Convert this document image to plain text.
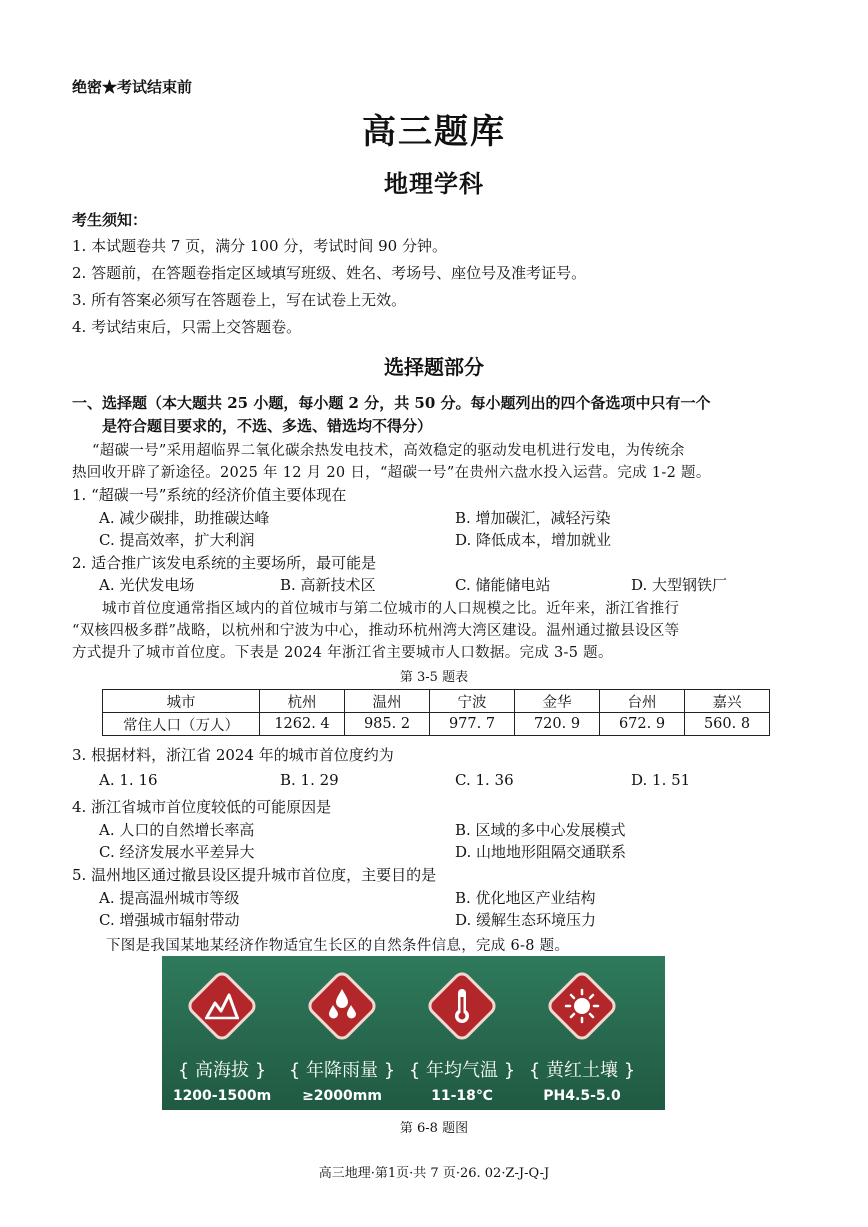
绝密★考试结束前
高三题库
地理学科
考生须知：
1. 本试题卷共 7 页，满分 100 分，考试时间 90 分钟。
2. 答题前，在答题卷指定区域填写班级、姓名、考场号、座位号及准考证号。
3. 所有答案必须写在答题卷上，写在试卷上无效。
4. 考试结束后，只需上交答题卷。
选择题部分
一、选择题（本大题共 25 小题，每小题 2 分，共 50 分。每小题列出的四个备选项中只有一个
是符合题目要求的，不选、多选、错选均不得分）
“超碳一号”采用超临界二氧化碳余热发电技术，高效稳定的驱动发电机进行发电，为传统余
热回收开辟了新途径。2025 年 12 月 20 日，“超碳一号”在贵州六盘水投入运营。完成 1-2 题。
1. “超碳一号”系统的经济价值主要体现在
A. 减少碳排，助推碳达峰	B. 增加碳汇，减轻污染
C. 提高效率，扩大利润	D. 降低成本，增加就业
2. 适合推广该发电系统的主要场所，最可能是
A. 光伏发电场	B. 高新技术区	C. 储能储电站	D. 大型钢铁厂
城市首位度通常指区域内的首位城市与第二位城市的人口规模之比。近年来，浙江省推行
“双核四极多群”战略，以杭州和宁波为中心，推动环杭州湾大湾区建设。温州通过撤县设区等
方式提升了城市首位度。下表是 2024 年浙江省主要城市人口数据。完成 3-5 题。
第 3-5 题表
城市	杭州	温州	宁波	金华	台州	嘉兴
常住人口（万人）	1262. 4	985. 2	977. 7	720. 9	672. 9	560. 8
3. 根据材料，浙江省 2024 年的城市首位度约为
A. 1. 16	B. 1. 29	C. 1. 36	D. 1. 51
4. 浙江省城市首位度较低的可能原因是
A. 人口的自然增长率高	B. 区域的多中心发展模式
C. 经济发展水平差异大	D. 山地地形阻隔交通联系
5. 温州地区通过撤县设区提升城市首位度，主要目的是
A. 提高温州城市等级	B. 优化地区产业结构
C. 增强城市辐射带动	D. 缓解生态环境压力
下图是我国某地某经济作物适宜生长区的自然条件信息，完成 6-8 题。
{ 高海拔 }
1200-1500m
{ 年降雨量 }
≥2000mm
{ 年均气温 }
11-18℃
{ 黄红土壤 }
PH4.5-5.0
第 6-8 题图
高三地理·第1页·共 7 页·26. 02·Z-J-Q-J
